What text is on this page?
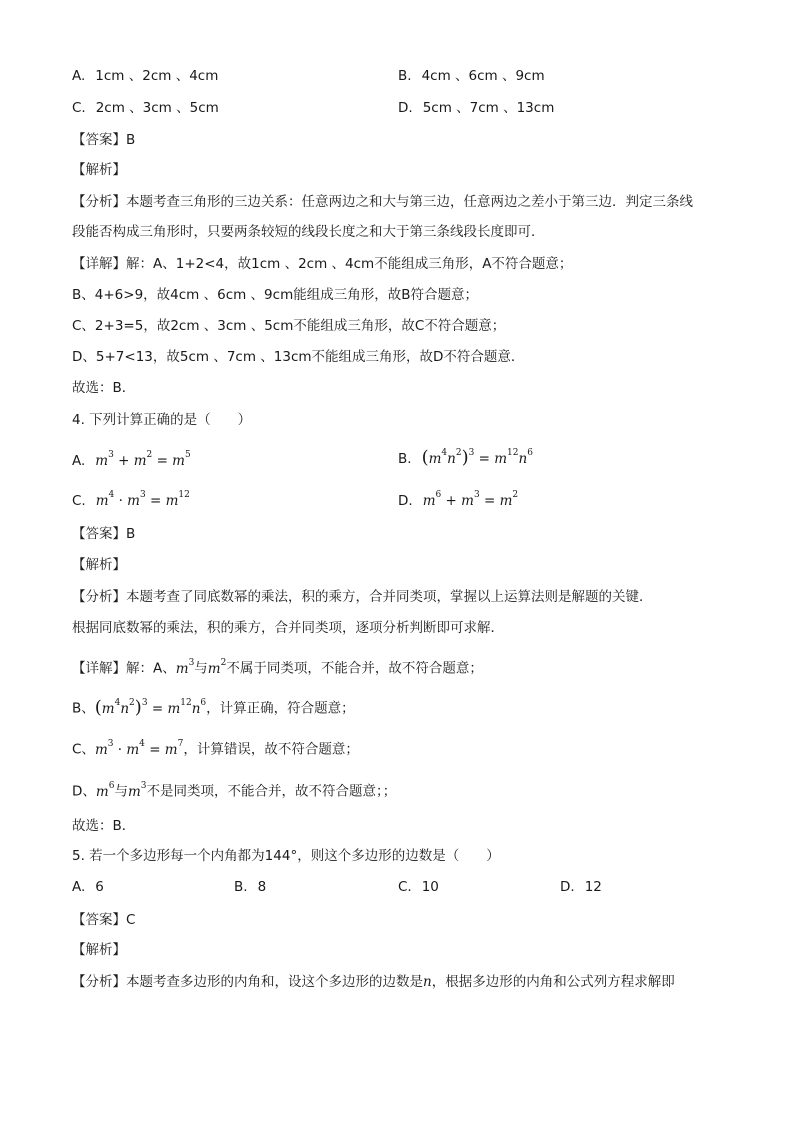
A. 1cm 、2cm 、4cm	B. 4cm 、6cm 、9cm
C. 2cm 、3cm 、5cm	D. 5cm 、7cm 、13cm
【答案】B
【解析】
【分析】本题考查三角形的三边关系：任意两边之和大与第三边，任意两边之差小于第三边．判定三条线
段能否构成三角形时，只要两条较短的线段长度之和大于第三条线段长度即可．
【详解】解：A、1+2<4，故1cm 、2cm 、4cm不能组成三角形，A不符合题意；
B、4+6>9，故4cm 、6cm 、9cm能组成三角形，故B符合题意；
C、2+3=5，故2cm 、3cm 、5cm不能组成三角形，故C不符合题意；
D、5+7<13，故5cm 、7cm 、13cm不能组成三角形，故D不符合题意．
故选：B．
4. 下列计算正确的是（　　）
A. $m^3 + m^2 = m^5$	B. $(m^4n^2)^3 = m^{12}n^6$
C. $m^4 \cdot m^3 = m^{12}$	D. $m^6 + m^3 = m^2$
【答案】B
【解析】
【分析】本题考查了同底数幂的乘法，积的乘方，合并同类项，掌握以上运算法则是解题的关键．
根据同底数幂的乘法，积的乘方，合并同类项，逐项分析判断即可求解．
【详解】解：A、$m^3$与$m^2$不属于同类项，不能合并，故不符合题意；
B、$(m^4n^2)^3 = m^{12}n^6$，计算正确，符合题意；
C、$m^3 \cdot m^4 = m^7$，计算错误，故不符合题意；
D、$m^6$与$m^3$不是同类项，不能合并，故不符合题意；；
故选：B．
5. 若一个多边形每一个内角都为144°，则这个多边形的边数是（　　）
A. 6	B. 8	C. 10	D. 12
【答案】C
【解析】
【分析】本题考查多边形的内角和，设这个多边形的边数是n，根据多边形的内角和公式列方程求解即
